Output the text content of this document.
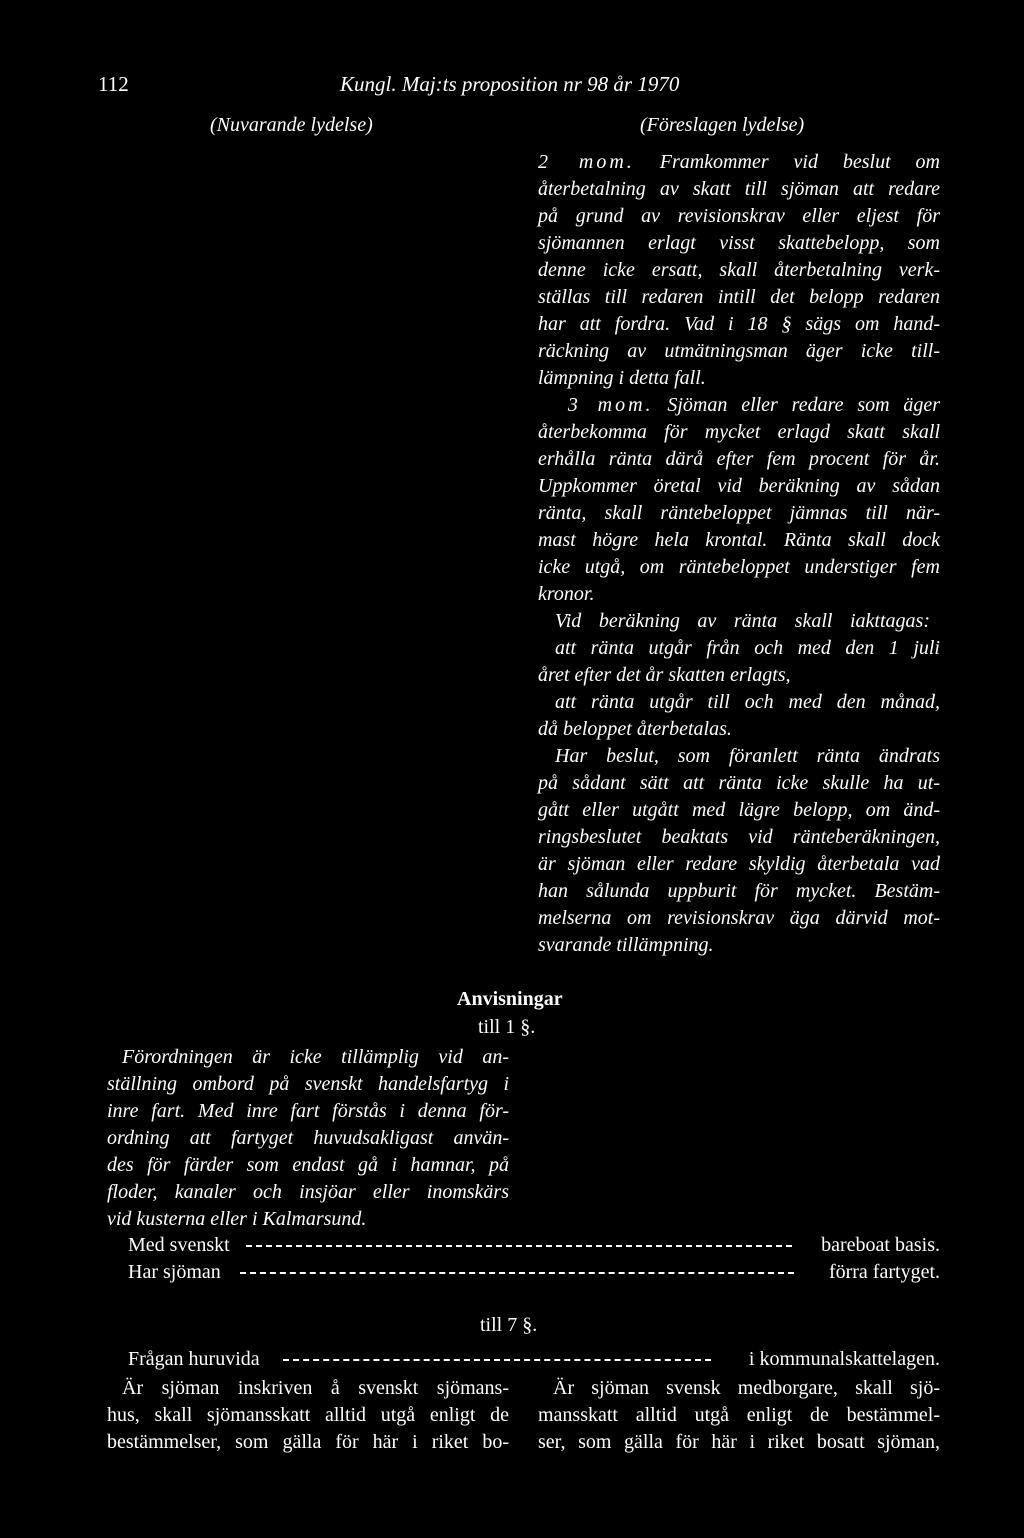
112	Kungl. Maj:ts proposition nr 98 år 1970
(Nuvarande lydelse)	(Föreslagen lydelse)
2 mom. Framkommer vid beslut om
återbetalning av skatt till sjöman att redare
på grund av revisionskrav eller eljest för
sjömannen erlagt visst skattebelopp, som
denne icke ersatt, skall återbetalning verk-
ställas till redaren intill det belopp redaren
har att fordra. Vad i 18 § sägs om hand-
räckning av utmätningsman äger icke till-
lämpning i detta fall.
3 mom. Sjöman eller redare som äger
återbekomma för mycket erlagd skatt skall
erhålla ränta därå efter fem procent för år.
Uppkommer öretal vid beräkning av sådan
ränta, skall räntebeloppet jämnas till när-
mast högre hela krontal. Ränta skall dock
icke utgå, om räntebeloppet understiger fem
kronor.
Vid beräkning av ränta skall iakttagas:
att ränta utgår från och med den 1 juli
året efter det år skatten erlagts,
att ränta utgår till och med den månad,
då beloppet återbetalas.
Har beslut, som föranlett ränta ändrats
på sådant sätt att ränta icke skulle ha ut-
gått eller utgått med lägre belopp, om änd-
ringsbeslutet beaktats vid ränteberäkningen,
är sjöman eller redare skyldig återbetala vad
han sålunda uppburit för mycket. Bestäm-
melserna om revisionskrav äga därvid mot-
svarande tillämpning.
Anvisningar
till 1 §.
Förordningen är icke tillämplig vid an-
ställning ombord på svenskt handelsfartyg i
inre fart. Med inre fart förstås i denna för-
ordning att fartyget huvudsakligast använ-
des för färder som endast gå i hamnar, på
floder, kanaler och insjöar eller inomskärs
vid kusterna eller i Kalmarsund.
Med svenskt	bareboat basis.
Har sjöman	förra fartyget.
till 7 §.
Frågan huruvida	i kommunalskattelagen.
Är sjöman inskriven å svenskt sjömans-
hus, skall sjömansskatt alltid utgå enligt de
bestämmelser, som gälla för här i riket bo-
Är sjöman svensk medborgare, skall sjö-
mansskatt alltid utgå enligt de bestämmel-
ser, som gälla för här i riket bosatt sjöman,
